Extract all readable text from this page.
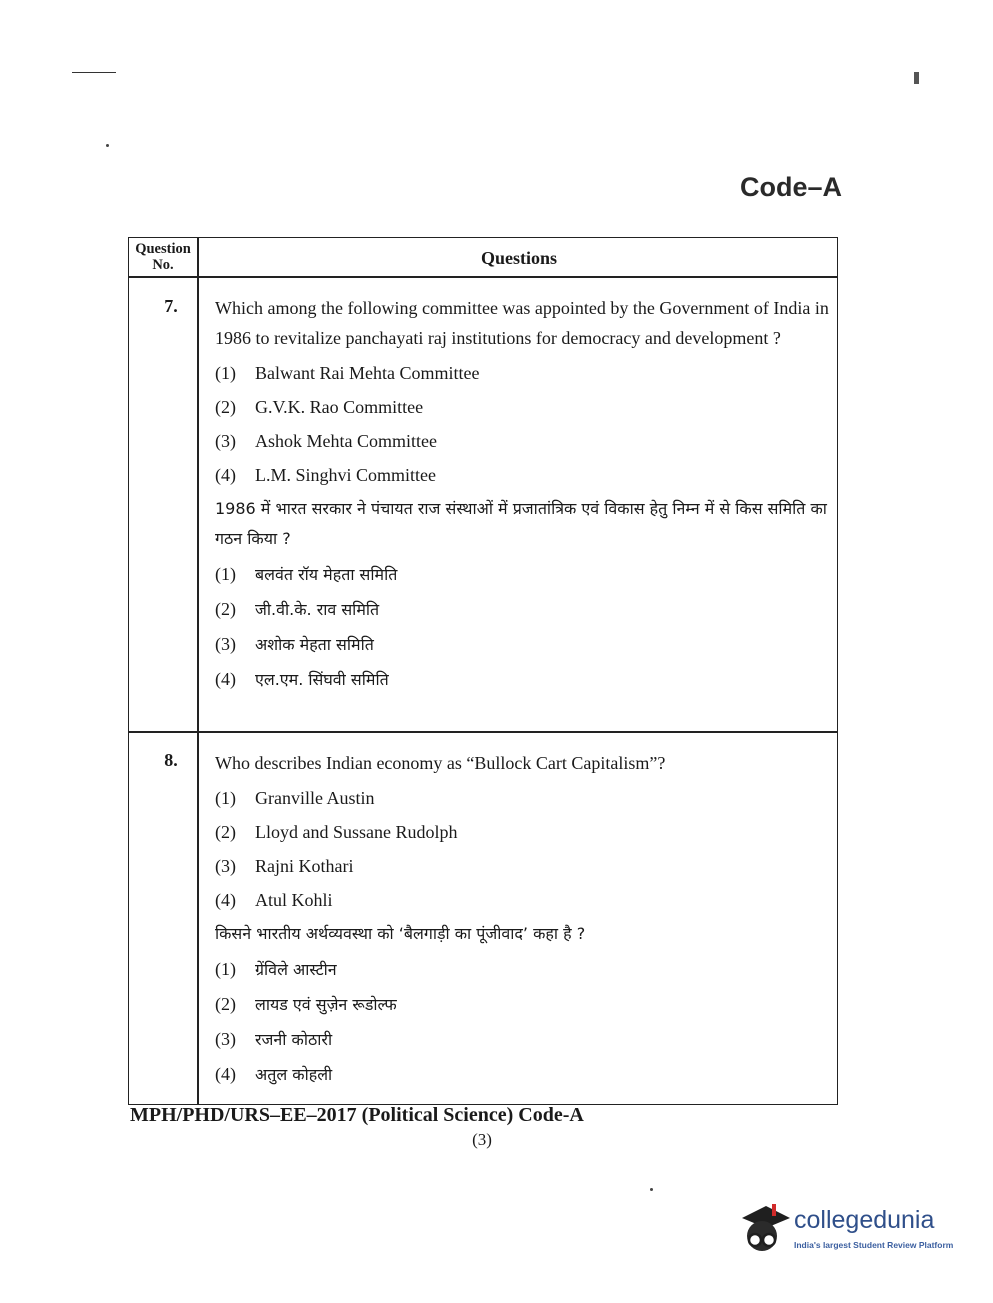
Code–A
Question No.	Questions
7.	Which among the following committee was appointed by the Government of India in 1986 to revitalize panchayati raj institutions for democracy and development ?

(1) Balwant Rai Mehta Committee
(2) G.V.K. Rao Committee
(3) Ashok Mehta Committee
(4) L.M. Singhvi Committee

1986 में भारत सरकार ने पंचायत राज संस्थाओं में प्रजातांत्रिक एवं विकास हेतु निम्न में से किस समिति का गठन किया ?

(1) बलवंत रॉय मेहता समिति
(2) जी.वी.के. राव समिति
(3) अशोक मेहता समिति
(4) एल.एम. सिंघवी समिति
8.	Who describes Indian economy as “Bullock Cart Capitalism”?

(1) Granville Austin
(2) Lloyd and Sussane Rudolph
(3) Rajni Kothari
(4) Atul Kohli

किसने भारतीय अर्थव्यवस्था को ‘बैलगाड़ी का पूंजीवाद’ कहा है ?

(1) ग्रेंविले आस्टीन
(2) लायड एवं सुज़ेन रूडोल्फ
(3) रजनी कोठारी
(4) अतुल कोहली
MPH/PHD/URS–EE–2017 (Political Science) Code-A
(3)
collegedunia
India's largest Student Review Platform
